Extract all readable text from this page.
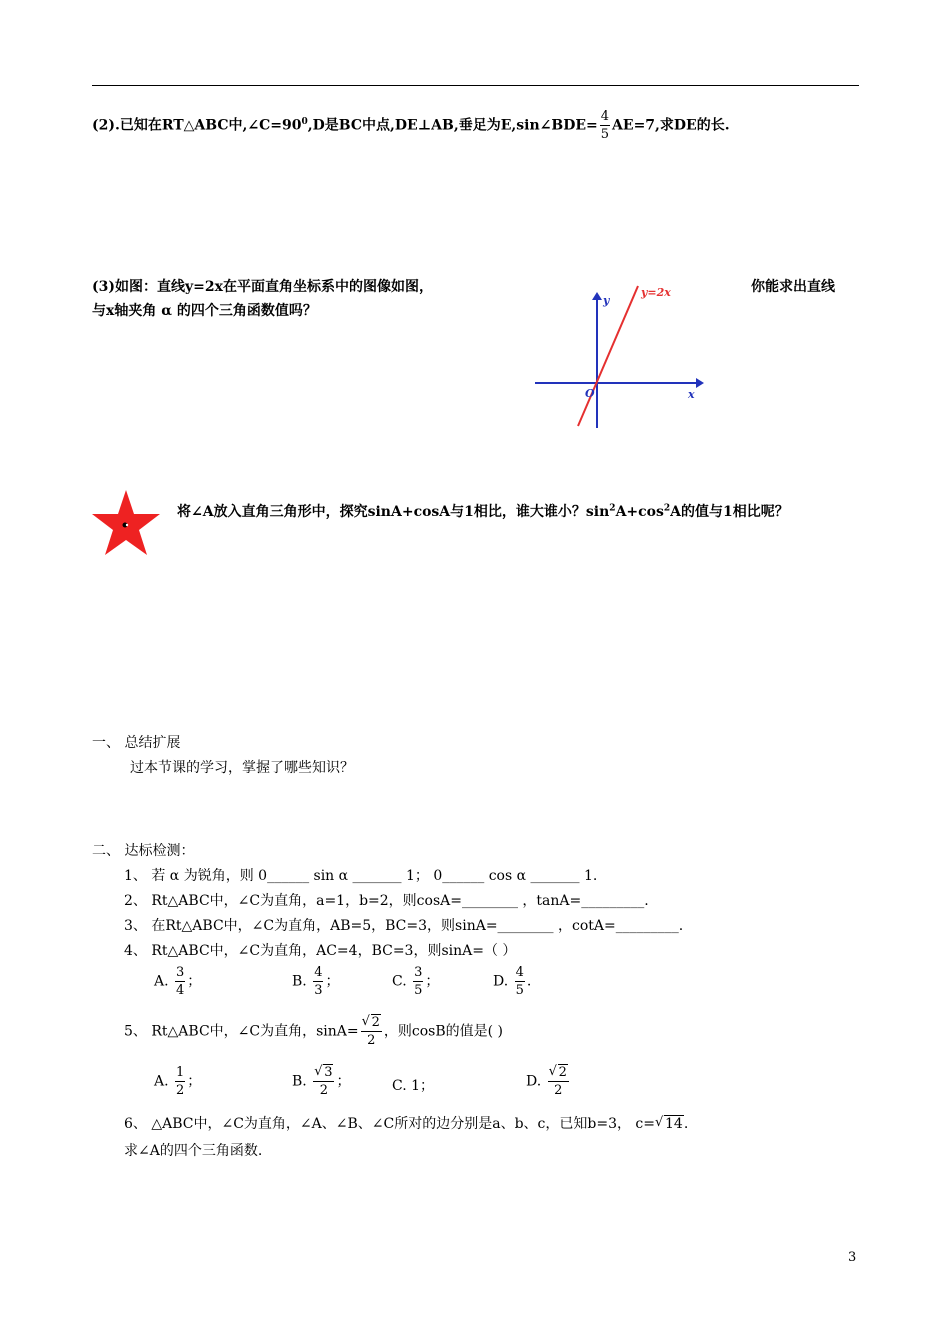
(2).已知在RT△ABC中$,\angle C=90^0,D$是BC中点,DE⊥AB,垂足为E,sin∠BDE= $\frac{4}{5} AE=7$,求DE的长.
(3)如图：直线y=2x在平面直角坐标系中的图像如图，	你能求出直线
与x轴夹角 α 的四个三角函数值吗？
y=2x
y
x
O
将∠A放入直角三角形中，探究sinA+cosA与1相比，谁大谁小？$\sin^2A+\cos^2A$的值与1相比呢？
一、 总结扩展
过本节课的学习，掌握了哪些知识？
二、 达标检测：
1、 若 α 为锐角，则 0______ sin α _______ 1； 0______ cos α _______ 1.
2、 Rt△ABC中，∠C为直角，a=1，b=2，则cosA=________ ，tanA=_________.
3、 在Rt△ABC中，∠C为直角，AB=5，BC=3，则sinA=________ ，cotA=_________.
4、 Rt△ABC中，∠C为直角，AC=4，BC=3，则sinA=（ ）
A. $\frac{3}{4}$ ；	B. $\frac{4}{3}$ ；	C. $\frac{3}{5}$ ；	D. $\frac{4}{5}$ .
5、 Rt△ABC中，∠C为直角，sinA= √ $\frac{2}{2}$ ，则cosB的值是( )
A. $\frac{1}{2}$ ；	B. √ $\frac{3}{2}$ ；	C. 1；	D. √ $\frac{2}{2}$
6、 △ABC中，∠C为直角，∠A、∠B、∠C所对的边分别是a、b、c，已知b=3， c= √ 14.
求∠A的四个三角函数.
3
